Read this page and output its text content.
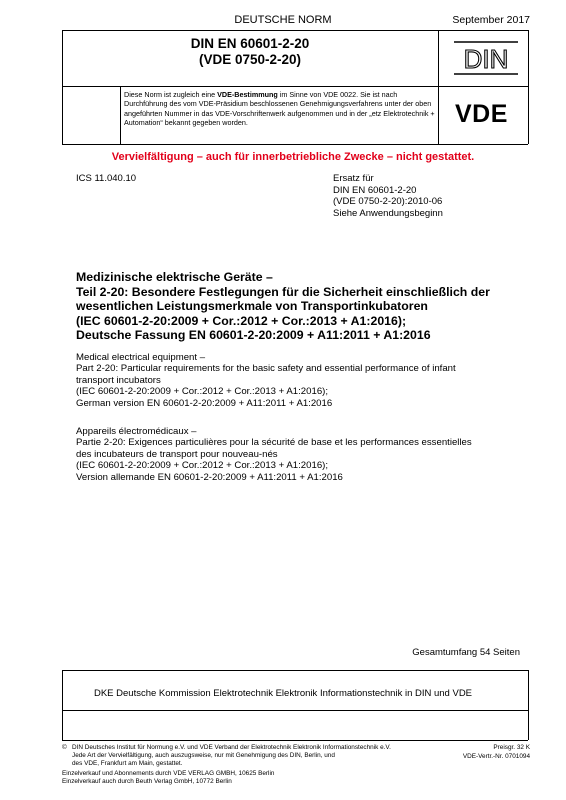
DEUTSCHE NORM	September 2017
DIN EN 60601-2-20
(VDE 0750-2-20)	DIN
Diese Norm ist zugleich eine VDE-Bestimmung im Sinne von VDE 0022. Sie ist nach Durchführung des vom VDE-Präsidium beschlossenen Genehmigungsverfahrens unter der oben angeführten Nummer in das VDE-Vorschriftenwerk aufgenommen und in der „etz Elektrotechnik + Automation“ bekannt gegeben worden.	VDE
Vervielfältigung – auch für innerbetriebliche Zwecke – nicht gestattet.
ICS 11.040.10	Ersatz für
DIN EN 60601-2-20
(VDE 0750-2-20):2010-06
Siehe Anwendungsbeginn
Medizinische elektrische Geräte –
Teil 2-20: Besondere Festlegungen für die Sicherheit einschließlich der
wesentlichen Leistungsmerkmale von Transportinkubatoren
(IEC 60601-2-20:2009 + Cor.:2012 + Cor.:2013 + A1:2016);
Deutsche Fassung EN 60601-2-20:2009 + A11:2011 + A1:2016
Medical electrical equipment –
Part 2-20: Particular requirements for the basic safety and essential performance of infant
transport incubators
(IEC 60601-2-20:2009 + Cor.:2012 + Cor.:2013 + A1:2016);
German version EN 60601-2-20:2009 + A11:2011 + A1:2016
Appareils électromédicaux –
Partie 2-20: Exigences particulières pour la sécurité de base et les performances essentielles
des incubateurs de transport pour nouveau-nés
(IEC 60601-2-20:2009 + Cor.:2012 + Cor.:2013 + A1:2016);
Version allemande EN 60601-2-20:2009 + A11:2011 + A1:2016
Gesamtumfang 54 Seiten
DKE Deutsche Kommission Elektrotechnik Elektronik Informationstechnik in DIN und VDE
© DIN Deutsches Institut für Normung e.V. und VDE Verband der Elektrotechnik Elektronik Informationstechnik e.V.
Jede Art der Vervielfältigung, auch auszugsweise, nur mit Genehmigung des DIN, Berlin, und
des VDE, Frankfurt am Main, gestattet.
Preisgr. 32 K
VDE-Vertr.-Nr. 0701094
Einzelverkauf und Abonnements durch VDE VERLAG GMBH, 10625 Berlin
Einzelverkauf auch durch Beuth Verlag GmbH, 10772 Berlin
